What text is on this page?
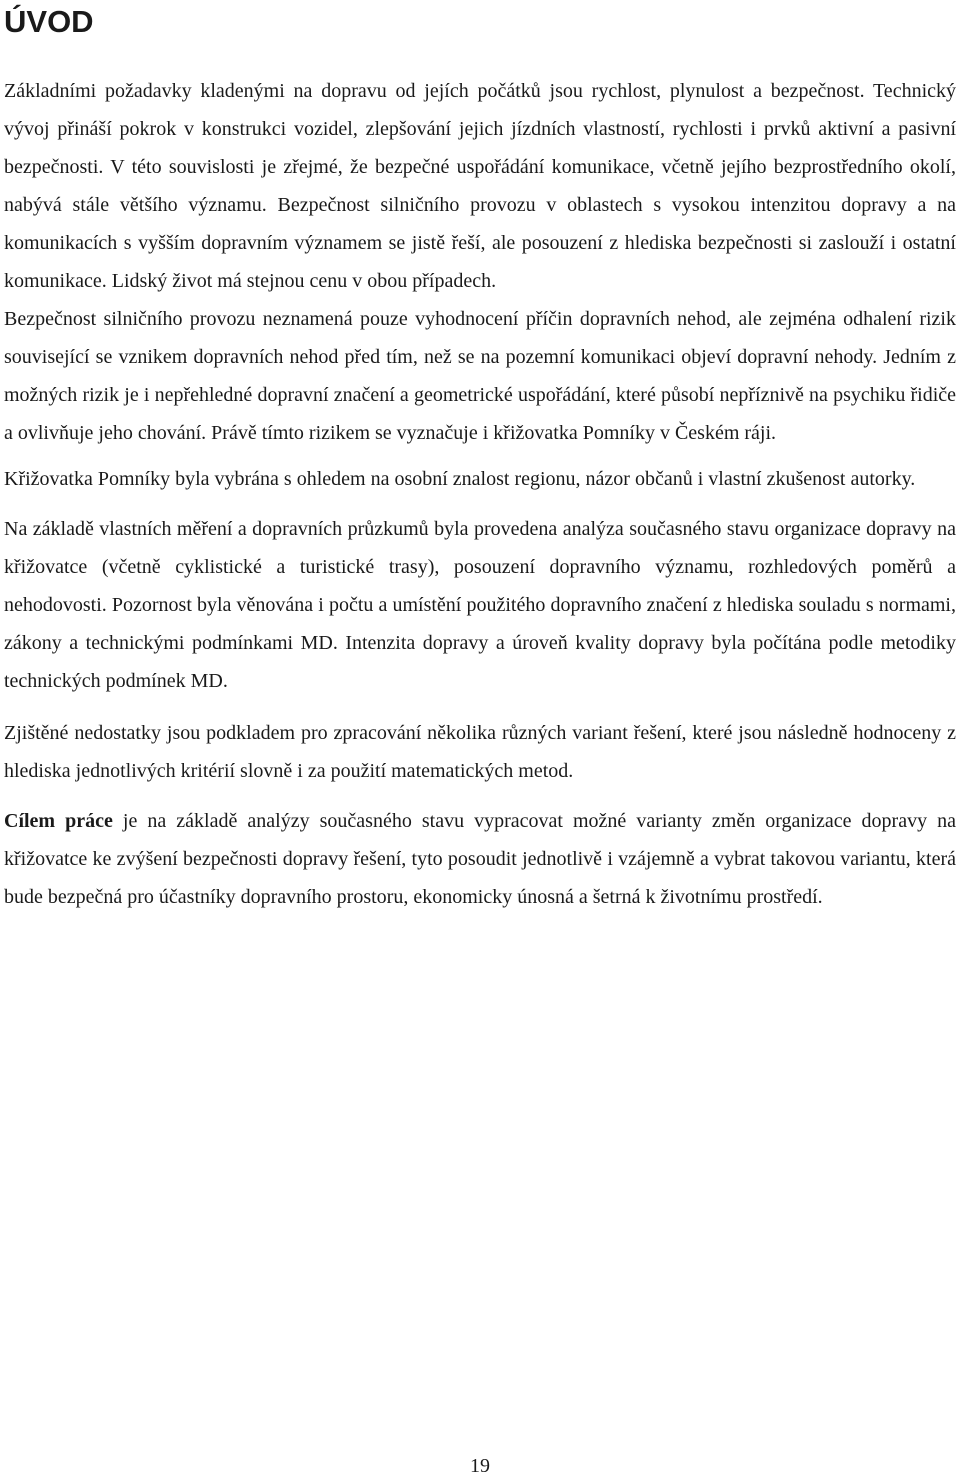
ÚVOD

Základními požadavky kladenými na dopravu od jejích počátků jsou rychlost, plynulost a bezpečnost. Technický vývoj přináší pokrok v konstrukci vozidel, zlepšování jejich jízdních vlastností, rychlosti i prvků aktivní a pasivní bezpečnosti. V této souvislosti je zřejmé, že bezpečné uspořádání komunikace, včetně jejího bezprostředního okolí, nabývá stále většího významu. Bezpečnost silničního provozu v oblastech s vysokou intenzitou dopravy a na komunikacích s vyšším dopravním významem se jistě řeší, ale posouzení z hlediska bezpečnosti si zaslouží i ostatní komunikace. Lidský život má stejnou cenu v obou případech.

Bezpečnost silničního provozu neznamená pouze vyhodnocení příčin dopravních nehod, ale zejména odhalení rizik související se vznikem dopravních nehod před tím, než se na pozemní komunikaci objeví dopravní nehody. Jedním z možných rizik je i nepřehledné dopravní značení a geometrické uspořádání, které působí nepříznivě na psychiku řidiče a ovlivňuje jeho chování. Právě tímto rizikem se vyznačuje i křižovatka Pomníky v Českém ráji.

Křižovatka Pomníky byla vybrána s ohledem na osobní znalost regionu, názor občanů i vlastní zkušenost autorky.

Na základě vlastních měření a dopravních průzkumů byla provedena analýza současného stavu organizace dopravy na křižovatce (včetně cyklistické a turistické trasy), posouzení dopravního významu, rozhledových poměrů a nehodovosti. Pozornost byla věnována i počtu a umístění použitého dopravního značení z hlediska souladu s normami, zákony a technickými podmínkami MD. Intenzita dopravy a úroveň kvality dopravy byla počítána podle metodiky technických podmínek MD.

Zjištěné nedostatky jsou podkladem pro zpracování několika různých variant řešení, které jsou následně hodnoceny z hlediska jednotlivých kritérií slovně i za použití matematických metod.

Cílem práce je na základě analýzy současného stavu vypracovat možné varianty změn organizace dopravy na křižovatce ke zvýšení bezpečnosti dopravy řešení, tyto posoudit jednotlivě i vzájemně a vybrat takovou variantu, která bude bezpečná pro účastníky dopravního prostoru, ekonomicky únosná a šetrná k životnímu prostředí.

19
